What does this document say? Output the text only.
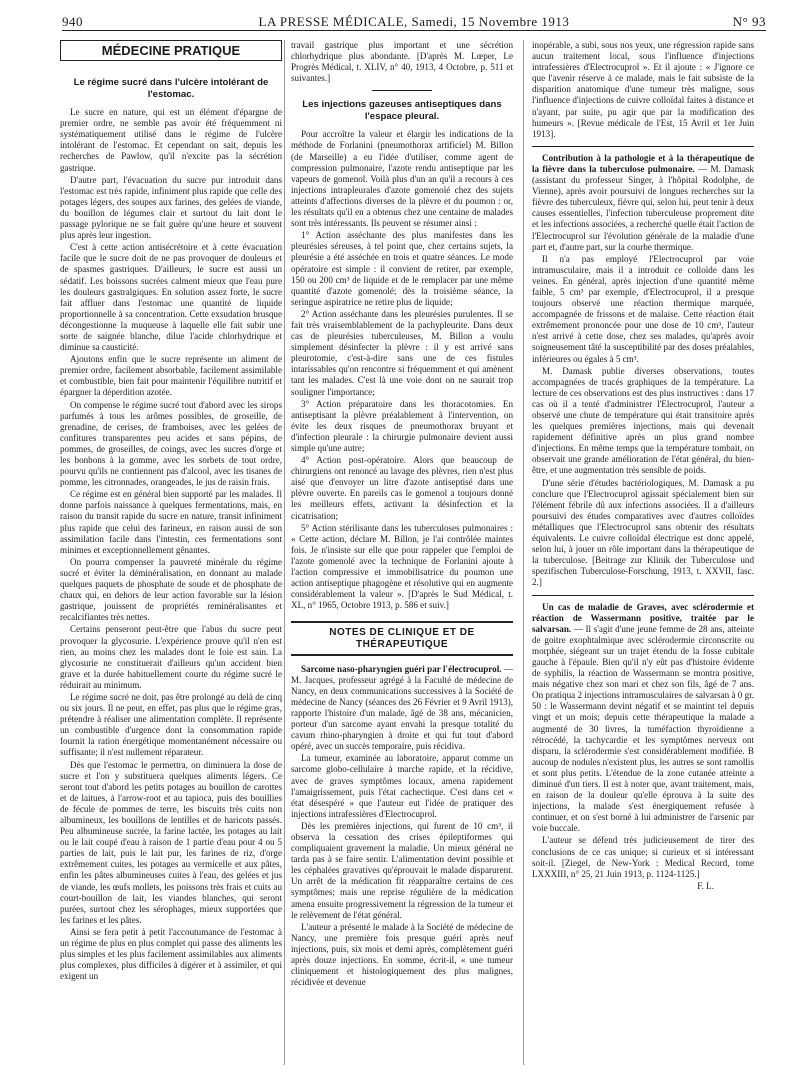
940	LA PRESSE MÉDICALE, Samedi, 15 Novembre 1913	N° 93
MÉDECINE PRATIQUE
Le régime sucré dans l'ulcère intolérant de l'estomac.

Le sucre en nature, qui est un élément d'épargne de premier ordre, ne semble pas avoir été fréquemment ni systématiquement utilisé dans le régime de l'ulcère intolérant de l'estomac. Et cependant on sait, depuis les recherches de Pawlow, qu'il n'excite pas la sécrétion gastrique.

D'autre part, l'évacuation du sucre pur introduit dans l'estomac est très rapide, infiniment plus rapide que celle des potages légers, des soupes aux farines, des gelées de viande, du bouillon de légumes clair et surtout du lait dont le passage pylorique ne se fait guère qu'une heure et souvent plus après leur ingestion.

C'est à cette action antisécrétoire et à cette évacuation facile que le sucre doit de ne pas provoquer de douleurs et de spasmes gastriques. D'ailleurs, le sucre est aussi un sédatif. Les boissons sucrées calment mieux que l'eau pure les douleurs gastralgiques. En solution assez forte, le sucre fait affluer dans l'estomac une quantité de liquide proportionnelle à sa concentration. Cette exsudation brusque décongestionne la muqueuse à laquelle elle fait subir une sorte de saignée blanche, dilue l'acide chlorhydrique et diminue sa causticité.

Ajoutons enfin que le sucre représente un aliment de premier ordre, facilement absorbable, facilement assimilable et combustible, bien fait pour maintenir l'équilibre nutritif et épargner la déperdition azotée.

On compense le régime sucré tout d'abord avec les sirops parfumés à tous les arômes possibles, de groseille, de grenadine, de cerises, de framboises, avec les gelées de confitures transparentes peu acides et sans pépins, de pommes, de groseilles, de coings, avec les sucres d'orge et les bonbons à la gomme, avec les sorbets de tout ordre, pourvu qu'ils ne contiennent pas d'alcool, avec les tisanes de pomme, les citronnades, orangeades, le jus de raisin frais.

Ce régime est en général bien supporté par les malades. Il donne parfois naissance à quelques fermentations, mais, en raison du transit rapide du sucre en nature, transit infiniment plus rapide que celui des farineux, en raison aussi de son assimilation facile dans l'intestin, ces fermentations sont minimes et exceptionnellement gênantes.

On pourra compenser la pauvreté minérale du régime sucré et éviter la déminéralisation, en donnant au malade quelques paquets de phosphate de soude et de phosphate de chaux qui, en dehors de leur action favorable sur la lésion gastrique, jouissent de propriétés reminéralisantes et recalcifiantes très nettes.

Certains penseront peut-être que l'abus du sucre peut provoquer la glycosurie. L'expérience prouve qu'il n'en est rien, au moins chez les malades dont le foie est sain. La glycosurie ne constituerait d'ailleurs qu'un accident bien grave et la durée habituellement courte du régime sucré le réduirait au minimum.

Le régime sucré ne doit, pas être prolongé au delà de cinq ou six jours. Il ne peut, en effet, pas plus que le régime gras, prétendre à réaliser une alimentation complète. Il représente un combustible d'urgence dont la consommation rapide fournit la ration énergétique momentanément nécessaire ou suffisante; il n'est nullement réparateur.

Dès que l'estomac le permettra, on diminuera la dose de sucre et l'on y substituera quelques aliments légers. Ce seront tout d'abord les petits potages au bouillon de carottes et de laitues, à l'arrow-root et au tapioca, puis des bouillies de fécule de pommes de terre, les biscuits très cuits non albumineux, les bouillons de lentilles et de haricots passés. Peu albumineuse sucrée, la farine lactée, les potages au lait ou le lait coupé d'eau à raison de 1 partie d'eau pour 4 ou 5 parties de lait, puis le lait pur, les farines de riz, d'orge extrêmement cuites, les potages au vermicelle et aux pâtes, enfin les pâtes albumineuses cuites à l'eau, des gelées et jus de viande, les œufs mollets, les poissons très frais et cuits au court-bouillon de lait, les viandes blanches, qui seront purées, surtout chez les sérophages, mieux supportées que les farines et les pâtes.

Ainsi se fera petit à petit l'accoutumance de l'estomac à un régime de plus en plus complet qui passe des aliments les plus simples et les plus facilement assimilables aux aliments plus complexes, plus difficiles à digérer et à assimiler, et qui exigent un

travail gastrique plus important et une sécrétion chlorhydrique plus abondante. [D'après M. Lœper, Le Progrès Médical, t. XLIV, n° 40, 1913, 4 Octobre, p. 511 et suivantes.]

Les injections gazeuses antiseptiques dans l'espace pleural.

Pour accroître la valeur et élargir les indications de la méthode de Forlanini (pneumothorax artificiel) M. Billon (de Marseille) a eu l'idée d'utiliser, comme agent de compression pulmonaire, l'azote rendu antiseptique par les vapeurs de gomenol. Voilà plus d'un an qu'il a recours à ces injections intrapleurales d'azote gomenolé chez des sujets atteints d'affections diverses de la plèvre et du poumon : or, les résultats qu'il en a obtenus chez une centaine de malades sont très intéressants. Ils peuvent se résumer ainsi :

1° Action asséchante des plus manifestes dans les pleurésies séreuses, à tel point que, chez certains sujets, la pleurésie a été asséchée en trois et quatre séances. Le mode opératoire est simple : il convient de retirer, par exemple, 150 ou 200 cm³ de liquide et de le remplacer par une même quantité d'azote gomenolé; dès la troisième séance, la seringue aspiratrice ne retire plus de liquide;

2° Action asséchante dans les pleurésies purulentes. Il se fait très vraisemblablement de la pachypleurite. Dans deux cas de pleurésies tuberculeuses, M. Billon a voulu simplement désinfecter la plèvre : il y est arrivé sans pleurotomie, c'est-à-dire sans une de ces fistules intarissables qu'on rencontre si fréquemment et qui amènent tant les malades. C'est là une voie dont on ne saurait trop souligner l'importance;

3° Action préparatoire dans les thoracotomies. En antiseptisant la plèvre préalablement à l'intervention, on évite les deux risques de pneumothorax bruyant et d'infection pleurale : la chirurgie pulmonaire devient aussi simple qu'une autre;

4° Action post-opératoire. Alors que beaucoup de chirurgiens ont renoncé au lavage des plèvres, rien n'est plus aisé que d'envoyer un litre d'azote antiseptisé dans une plèvre ouverte. En pareils cas le gomenol a toujours donné les meilleurs effets, activant la désinfection et la cicatrisation;

5° Action stérilisante dans les tuberculoses pulmonaires : « Cette action, déclare M. Billon, je l'ai contrôlée maintes fois. Je n'insiste sur elle que pour rappeler que l'emploi de l'azote gomenolé avec la technique de Forlanini ajoute à l'action compressive et immobilisatrice du poumon une action antiseptique phagogène et résolutive qui en augmente considérablement la valeur ». [D'après le Sud Médical, t. XL, n° 1965, Octobre 1913, p. 586 et suiv.]

NOTES DE CLINIQUE ET DE THÉRAPEUTIQUE

Sarcome naso-pharyngien guéri par l'électrocuprol. — M. Jacques, professeur agrégé à la Faculté de médecine de Nancy, en deux communications successives à la Société de médecine de Nancy (séances des 26 Février et 9 Avril 1913), rapporte l'histoire d'un malade, âgé de 38 ans, mécanicien, porteur d'un sarcome ayant envahi la presque totalité du cavum rhino-pharyngien à droite et qui fut tout d'abord opéré, avec un succès temporaire, puis récidiva.

La tumeur, examinée au laboratoire, apparut comme un sarcome globo-cellulaire à marche rapide, et la récidive, avec de graves symptômes locaux, amena rapidement l'amaigrissement, puis l'état cachectique. C'est dans cet « état désespéré » que l'auteur eut l'idée de pratiquer des injections intrafessières d'Electrocuprol.

Dès les premières injections, qui furent de 10 cm³, il observa la cessation des crises épileptiformes qui compliquaient gravement la maladie. Un mieux général ne tarda pas à se faire sentir. L'alimentation devint possible et les céphalées gravatives qu'éprouvait le malade disparurent. Un arrêt de la médication fit réapparaître certains de ces symptômes; mais une reprise régulière de la médication amena ensuite progressivement la régression de la tumeur et le relèvement de l'état général.

L'auteur a présenté le malade à la Société de médecine de Nancy, une première fois presque guéri après neuf injections, puis, six mois et demi après, complètement guéri après douze injections. En somme, écrit-il, « une tumeur cliniquement et histologiquement des plus malignes, récidivée et devenue

inopérable, a subi, sous nos yeux, une régression rapide sans aucun traitement local, sous l'influence d'injections intrafessières d'Electrocuprol ». Et il ajoute : « J'ignore ce que l'avenir réserve à ce malade, mais le fait subsiste de la disparition anatomique d'une tumeur très maligne, sous l'influence d'injections de cuivre colloïdal faites à distance et n'ayant, par suite, pu agir que par la modification des humeurs ». [Revue médicale de l'Est, 15 Avril et 1er Juin 1913].

Contribution à la pathologie et à la thérapeutique de la fièvre dans la tuberculose pulmonaire. — M. Damask (assistant du professeur Singer, à l'hôpital Rodolphe, de Vienne), après avoir poursuivi de longues recherches sur la fièvre des tuberculeux, fièvre qui, selon lui, peut tenir à deux causes essentielles, l'infection tuberculeuse proprement dite et les infections associées, a recherché quelle était l'action de l'Electrocuprol sur l'évolution générale de la maladie d'une part et, d'autre part, sur la courbe thermique.

Il n'a pas employé l'Electrocuprol par voie intramusculaire, mais il a introduit ce colloïde dans les veines. En général, après injection d'une quantité même faible, 5 cm³ par exemple, d'Electrocuprol, il a presque toujours observé une réaction thermique marquée, accompagnée de frissons et de malaise. Cette réaction était extrêmement prononcée pour une dose de 10 cm³, l'auteur n'est arrivé à cette dose, chez ses malades, qu'après avoir soigneusement tâté la susceptibilité par des doses préalables, inférieures ou égales à 5 cm³.

M. Damask publie diverses observations, toutes accompagnées de tracés graphiques de la température. La lecture de ces observations est des plus instructives : dans 17 cas où il a tenté d'administrer l'Electrocuprol, l'auteur a observé une chute de température qui était transitoire après les quelques premières injections, mais qui devenait rapidement définitive après un plus grand nombre d'injections. En même temps que la température tombait, on observait une grande amélioration de l'état général, du bien-être, et une augmentation très sensible de poids.

D'une série d'études bactériologiques, M. Damask a pu conclure que l'Electrocuprol agissait spécialement bien sur l'élément fébrile dû aux infections associées. Il a d'ailleurs poursuivi des études comparatives avec d'autres colloïdes métalliques que l'Electrocuprol sans obtenir des résultats équivalents. Le cuivre colloïdal électrique est donc appelé, selon lui, à jouer un rôle important dans la thérapeutique de la tuberculose. [Beitrage zur Klinik der Tuberculose und spezifischen Tuberculose-Forschung, 1913, t. XXVII, fasc. 2.]

Un cas de maladie de Graves, avec sclérodermie et réaction de Wassermann positive, traitée par le salvarsan. — Il s'agit d'une jeune femme de 28 ans, atteinte de goitre exophtalmique avec sclérodermie circonscrite ou morphée, siégeant sur un trajet étendu de la fosse cubitale gauche à l'épaule. Bien qu'il n'y eût pas d'histoire évidente de syphilis, la réaction de Wassermann se montra positive, mais négative chez son mari et chez son fils, âgé de 7 ans. On pratiqua 2 injections intramusculaires de salvarsan à 0 gr. 50 : le Wassermann devint négatif et se maintint tel depuis vingt et un mois; depuis cette thérapeutique la malade a augmenté de 30 livres, la tuméfaction thyroïdienne a rétrocédé, la tachycardie et les symptômes nerveux ont disparu, la sclérodermie s'est considérablement modifiée. B aucoup de nodules n'existent plus, les autres se sont ramollis et sont plus petits. L'étendue de la zone cutanée atteinte a diminué d'un tiers. Il est à noter que, avant traitement, mais, en raison de la douleur qu'elle éprouva à la suite des injections, la malade s'est énergiquement refusée à continuer, et on s'est borné à lui administrer de l'arsenic par voie buccale.

L'auteur se défend très judicieusement de tirer des conclusions de ce cas unique; si curieux et si intéressant soit-il. [Ziegel, de New-York : Medical Record, tome LXXXIII, n° 25, 21 Juin 1913, p. 1124-1125.]

F. L.
